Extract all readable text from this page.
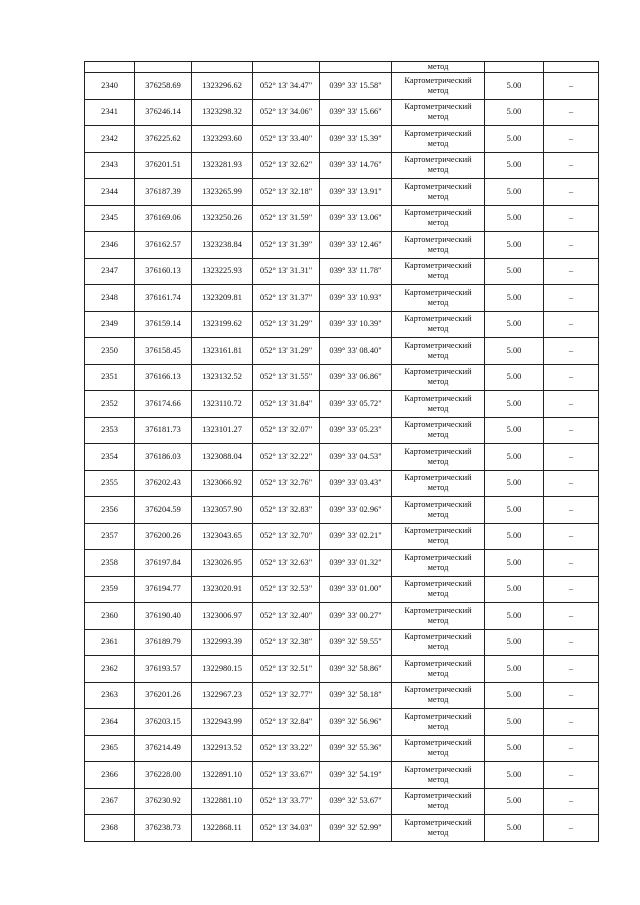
					метод		
2340	376258.69	1323296.62	052° 13' 34.47"	039° 33' 15.58"	Картометрический
метод	5.00	–
2341	376246.14	1323298.32	052° 13' 34.06"	039° 33' 15.66"	Картометрический
метод	5.00	–
2342	376225.62	1323293.60	052° 13' 33.40"	039° 33' 15.39"	Картометрический
метод	5.00	–
2343	376201.51	1323281.93	052° 13' 32.62"	039° 33' 14.76"	Картометрический
метод	5.00	–
2344	376187.39	1323265.99	052° 13' 32.18"	039° 33' 13.91"	Картометрический
метод	5.00	–
2345	376169.06	1323250.26	052° 13' 31.59"	039° 33' 13.06"	Картометрический
метод	5.00	–
2346	376162.57	1323238.84	052° 13' 31.39"	039° 33' 12.46"	Картометрический
метод	5.00	–
2347	376160.13	1323225.93	052° 13' 31.31"	039° 33' 11.78"	Картометрический
метод	5.00	–
2348	376161.74	1323209.81	052° 13' 31.37"	039° 33' 10.93"	Картометрический
метод	5.00	–
2349	376159.14	1323199.62	052° 13' 31.29"	039° 33' 10.39"	Картометрический
метод	5.00	–
2350	376158.45	1323161.81	052° 13' 31.29"	039° 33' 08.40"	Картометрический
метод	5.00	–
2351	376166.13	1323132.52	052° 13' 31.55"	039° 33' 06.86"	Картометрический
метод	5.00	–
2352	376174.66	1323110.72	052° 13' 31.84"	039° 33' 05.72"	Картометрический
метод	5.00	–
2353	376181.73	1323101.27	052° 13' 32.07"	039° 33' 05.23"	Картометрический
метод	5.00	–
2354	376186.03	1323088.04	052° 13' 32.22"	039° 33' 04.53"	Картометрический
метод	5.00	–
2355	376202.43	1323066.92	052° 13' 32.76"	039° 33' 03.43"	Картометрический
метод	5.00	–
2356	376204.59	1323057.90	052° 13' 32.83"	039° 33' 02.96"	Картометрический
метод	5.00	–
2357	376200.26	1323043.65	052° 13' 32.70"	039° 33' 02.21"	Картометрический
метод	5.00	–
2358	376197.84	1323026.95	052° 13' 32.63"	039° 33' 01.32"	Картометрический
метод	5.00	–
2359	376194.77	1323020.91	052° 13' 32.53"	039° 33' 01.00"	Картометрический
метод	5.00	–
2360	376190.40	1323006.97	052° 13' 32.40"	039° 33' 00.27"	Картометрический
метод	5.00	–
2361	376189.79	1322993.39	052° 13' 32.38"	039° 32' 59.55"	Картометрический
метод	5.00	–
2362	376193.57	1322980.15	052° 13' 32.51"	039° 32' 58.86"	Картометрический
метод	5.00	–
2363	376201.26	1322967.23	052° 13' 32.77"	039° 32' 58.18"	Картометрический
метод	5.00	–
2364	376203.15	1322943.99	052° 13' 32.84"	039° 32' 56.96"	Картометрический
метод	5.00	–
2365	376214.49	1322913.52	052° 13' 33.22"	039° 32' 55.36"	Картометрический
метод	5.00	–
2366	376228.00	1322891.10	052° 13' 33.67"	039° 32' 54.19"	Картометрический
метод	5.00	–
2367	376230.92	1322881.10	052° 13' 33.77"	039° 32' 53.67"	Картометрический
метод	5.00	–
2368	376238.73	1322868.11	052° 13' 34.03"	039° 32' 52.99"	Картометрический
метод	5.00	–
